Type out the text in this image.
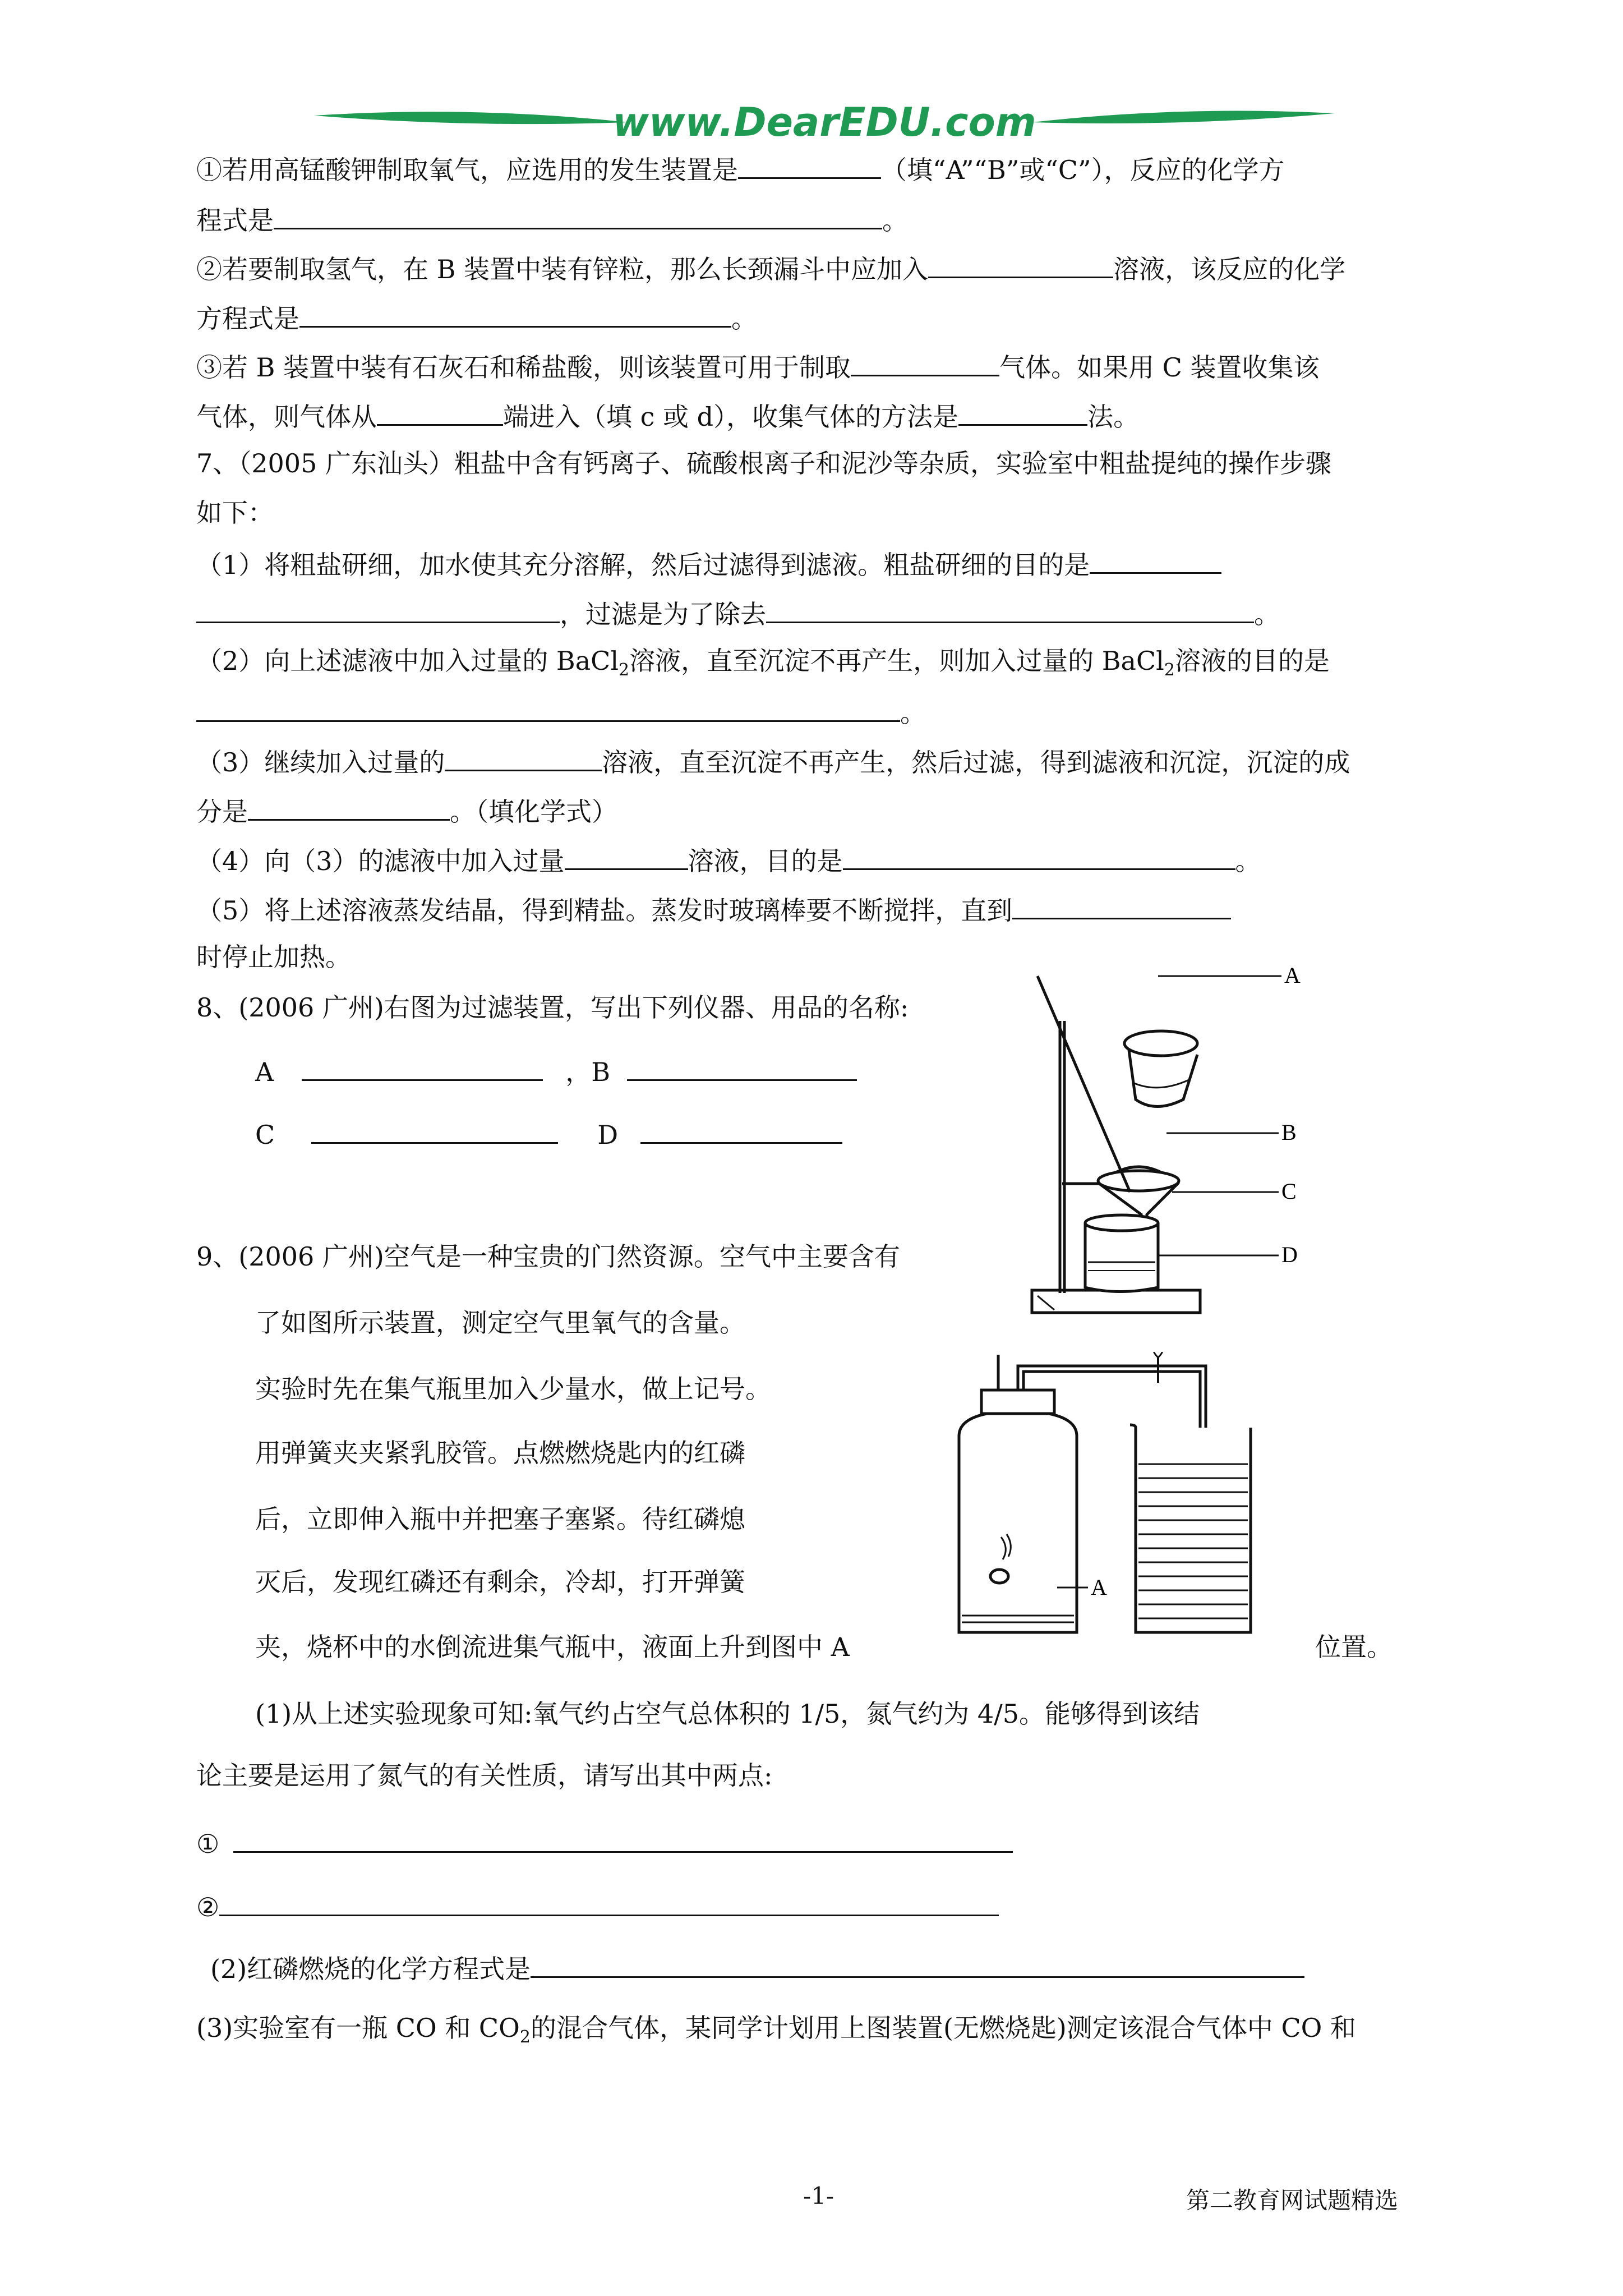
www.DearEDU.com
①若用高锰酸钾制取氧气，应选用的发生装置是	（填“A”“B”或“C”），反应的化学方
程式是	。
②若要制取氢气，在 B 装置中装有锌粒，那么长颈漏斗中应加入	溶液，该反应的化学
方程式是	。
③若 B 装置中装有石灰石和稀盐酸，则该装置可用于制取	气体。如果用 C 装置收集该
气体，则气体从	端进入（填 c 或 d），收集气体的方法是	法。
7、（2005 广东汕头）粗盐中含有钙离子、硫酸根离子和泥沙等杂质，实验室中粗盐提纯的操作步骤
如下：
（1）将粗盐研细，加水使其充分溶解，然后过滤得到滤液。粗盐研细的目的是
，过滤是为了除去	。
（2）向上述滤液中加入过量的 BaCl$_2$溶液，直至沉淀不再产生，则加入过量的 BaCl$_2$溶液的目的是
。
（3）继续加入过量的	溶液，直至沉淀不再产生，然后过滤，得到滤液和沉淀，沉淀的成
分是	。（填化学式）
（4）向（3）的滤液中加入过量	溶液，目的是	。
（5）将上述溶液蒸发结晶，得到精盐。蒸发时玻璃棒要不断搅拌，直到
时停止加热。
8、(2006 广州)右图为过滤装置，写出下列仪器、用品的名称:
A	，B
C	D
A
B
C
D
9、(2006 广州)空气是一种宝贵的门然资源。空气中主要含有
了如图所示装置，测定空气里氧气的含量。
实验时先在集气瓶里加入少量水，做上记号。
用弹簧夹夹紧乳胶管。点燃燃烧匙内的红磷
后，立即伸入瓶中并把塞子塞紧。待红磷熄
灭后，发现红磷还有剩余，冷却，打开弹簧
夹，烧杯中的水倒流进集气瓶中，液面上升到图中 A	位置。
A
(1)从上述实验现象可知:氧气约占空气总体积的 1/5，氮气约为 4/5。能够得到该结
论主要是运用了氮气的有关性质，请写出其中两点:
①
②
(2)红磷燃烧的化学方程式是
(3)实验室有一瓶 CO 和 $CO_2$的混合气体，某同学计划用上图装置(无燃烧匙)测定该混合气体中 CO 和
-1-	第二教育网试题精选
